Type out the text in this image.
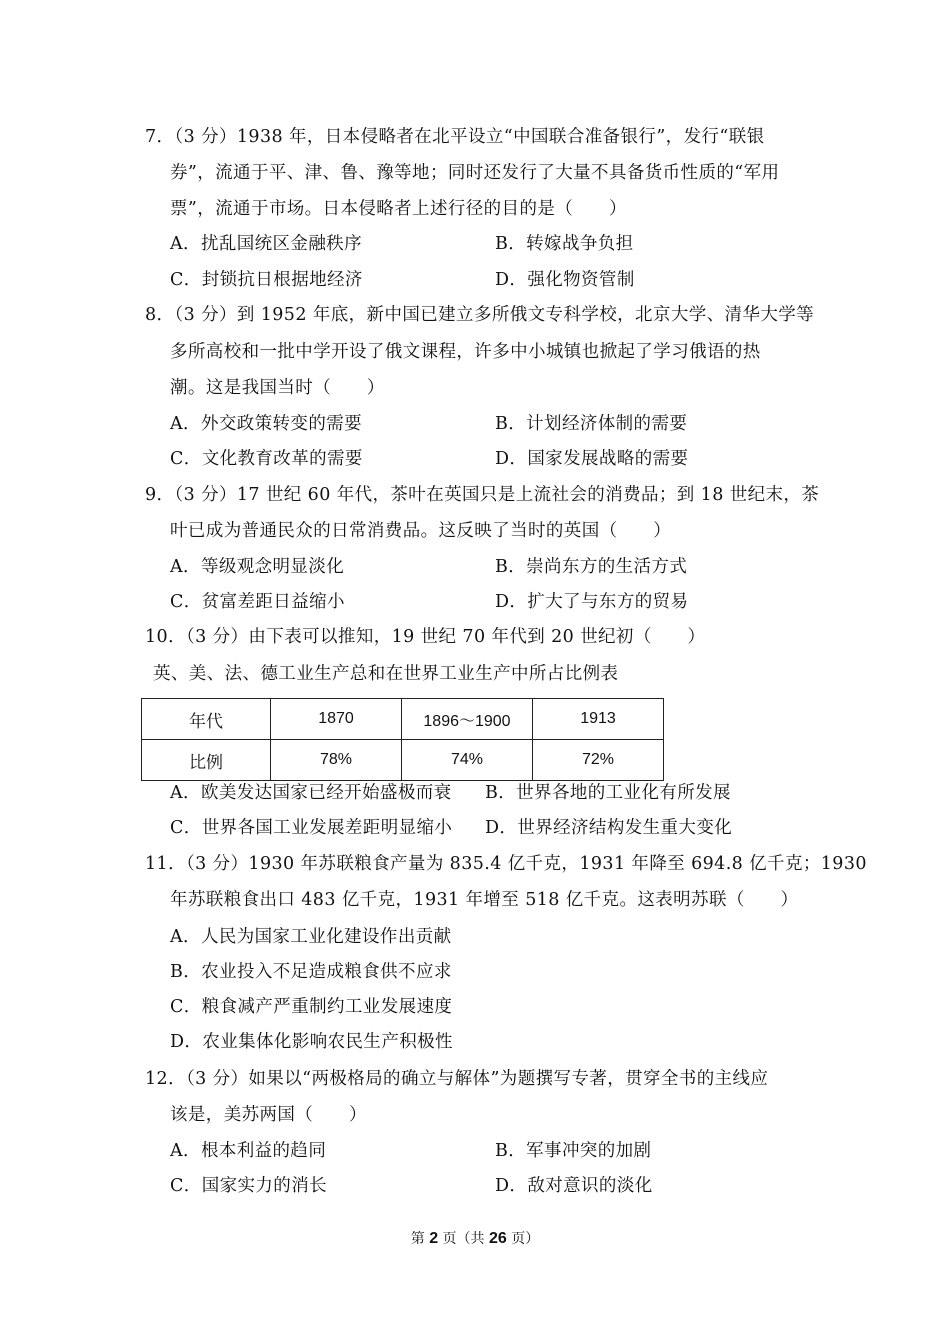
7．（3 分）1938 年，日本侵略者在北平设立“中国联合准备银行”，发行“联银
券”，流通于平、津、鲁、豫等地；同时还发行了大量不具备货币性质的“军用
票”，流通于市场。日本侵略者上述行径的目的是（　　）
A．扰乱国统区金融秩序	B．转嫁战争负担
C．封锁抗日根据地经济	D．强化物资管制
8．（3 分）到 1952 年底，新中国已建立多所俄文专科学校，北京大学、清华大学等
多所高校和一批中学开设了俄文课程，许多中小城镇也掀起了学习俄语的热
潮。这是我国当时（　　）
A．外交政策转变的需要	B．计划经济体制的需要
C．文化教育改革的需要	D．国家发展战略的需要
9．（3 分）17 世纪 60 年代，茶叶在英国只是上流社会的消费品；到 18 世纪末，茶
叶已成为普通民众的日常消费品。这反映了当时的英国（　　）
A．等级观念明显淡化	B．崇尚东方的生活方式
C．贫富差距日益缩小	D．扩大了与东方的贸易
10．（3 分）由下表可以推知，19 世纪 70 年代到 20 世纪初（　　）
英、美、法、德工业生产总和在世界工业生产中所占比例表
年代	1870	1896～1900	1913
比例	78%	74%	72%
A．欧美发达国家已经开始盛极而衰 B．世界各地的工业化有所发展
C．世界各国工业发展差距明显缩小 D．世界经济结构发生重大变化
11．（3 分）1930 年苏联粮食产量为 835.4 亿千克，1931 年降至 694.8 亿千克；1930
年苏联粮食出口 483 亿千克，1931 年增至 518 亿千克。这表明苏联（　　）
A．人民为国家工业化建设作出贡献
B．农业投入不足造成粮食供不应求
C．粮食减产严重制约工业发展速度
D．农业集体化影响农民生产积极性
12．（3 分）如果以“两极格局的确立与解体”为题撰写专著，贯穿全书的主线应
该是，美苏两国（　　）
A．根本利益的趋同	B．军事冲突的加剧
C．国家实力的消长	D．敌对意识的淡化
第 2 页（共 26 页）
